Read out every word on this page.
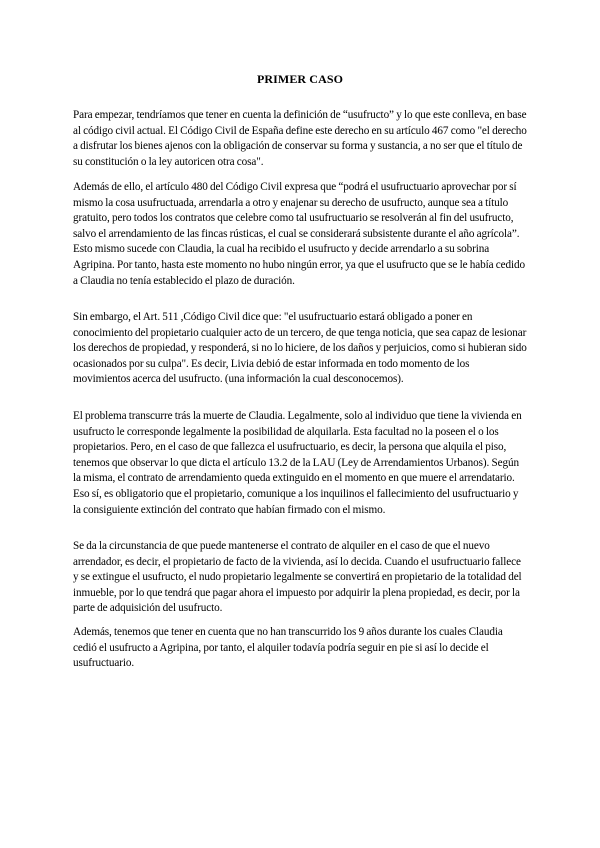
PRIMER CASO

Para empezar, tendríamos que tener en cuenta la definición de “usufructo” y lo que este conlleva, en base al código civil actual. El Código Civil de España define este derecho en su artículo 467 como "el derecho a disfrutar los bienes ajenos con la obligación de conservar su forma y sustancia, a no ser que el título de su constitución o la ley autoricen otra cosa".

Además de ello, el artículo 480 del Código Civil expresa que “podrá el usufructuario aprovechar por sí mismo la cosa usufructuada, arrendarla a otro y enajenar su derecho de usufructo, aunque sea a título gratuito, pero todos los contratos que celebre como tal usufructuario se resolverán al fin del usufructo, salvo el arrendamiento de las fincas rústicas, el cual se considerará subsistente durante el año agrícola”. Esto mismo sucede con Claudia, la cual ha recibido el usufructo y decide arrendarlo a su sobrina Agripina. Por tanto, hasta este momento no hubo ningún error, ya que el usufructo que se le había cedido a Claudia no tenía establecido el plazo de duración.

Sin embargo, el Art. 511 ,Código Civil dice que: "el usufructuario estará obligado a poner en conocimiento del propietario cualquier acto de un tercero, de que tenga noticia, que sea capaz de lesionar los derechos de propiedad, y responderá, si no lo hiciere, de los daños y perjuicios, como si hubieran sido ocasionados por su culpa". Es decir, Livia debió de estar informada en todo momento de los movimientos acerca del usufructo. (una información la cual desconocemos).

El problema transcurre trás la muerte de Claudia. Legalmente, solo al individuo que tiene la vivienda en usufructo le corresponde legalmente la posibilidad de alquilarla. Esta facultad no la poseen el o los propietarios. Pero, en el caso de que fallezca el usufructuario, es decir, la persona que alquila el piso, tenemos que observar lo que dicta el artículo 13.2 de la LAU (Ley de Arrendamientos Urbanos). Según la misma, el contrato de arrendamiento queda extinguido en el momento en que muere el arrendatario. Eso sí, es obligatorio que el propietario, comunique a los inquilinos el fallecimiento del usufructuario y la consiguiente extinción del contrato que habían firmado con el mismo.

Se da la circunstancia de que puede mantenerse el contrato de alquiler en el caso de que el nuevo arrendador, es decir, el propietario de facto de la vivienda, así lo decida. Cuando el usufructuario fallece y se extingue el usufructo, el nudo propietario legalmente se convertirá en propietario de la totalidad del inmueble, por lo que tendrá que pagar ahora el impuesto por adquirir la plena propiedad, es decir, por la parte de adquisición del usufructo.

Además, tenemos que tener en cuenta que no han transcurrido los 9 años durante los cuales Claudia cedió el usufructo a Agripina, por tanto, el alquiler todavía podría seguir en pie si así lo decide el usufructuario.
